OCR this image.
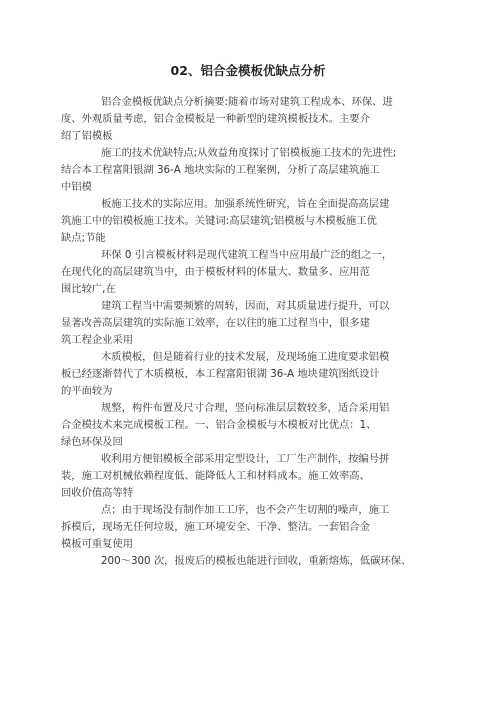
02、铝合金模板优缺点分析
铝合金模板优缺点分析摘要:随着市场对建筑工程成本、环保、进
度、外观质量考虑，铝合金模板是一种新型的建筑模板技术。主要介
绍了铝模板
施工的技术优缺特点;从效益角度探讨了铝模板施工技术的先进性;
结合本工程富阳银湖 36-A 地块实际的工程案例，分析了高层建筑施工
中铝模
板施工技术的实际应用。加强系统性研究，旨在全面提高高层建
筑施工中的铝模板施工技术。关键词:高层建筑;铝模板与木模板施工优
缺点;节能
环保 0 引言模板材料是现代建筑工程当中应用最广泛的组之一，
在现代化的高层建筑当中，由于模板材料的体量大、数量多、应用范
围比较广,在
建筑工程当中需要频繁的周转，因而，对其质量进行提升，可以
显著改善高层建筑的实际施工效率，在以往的施工过程当中，很多建
筑工程企业采用
木质模板，但是随着行业的技术发展，及现场施工进度要求铝模
板已经逐渐替代了木质模板，本工程富阳银湖 36-A 地块建筑图纸设计
的平面较为
规整，构件布置及尺寸合理，竖向标准层层数较多，适合采用铝
合金模技术来完成模板工程。一、铝合金模板与木模板对比优点：1、
绿色环保及回
收利用方便铝模板全部采用定型设计，工厂生产制作，按编号拼
装，施工对机械依赖程度低、能降低人工和材料成本。施工效率高、
回收价值高等特
点；由于现场没有制作加工工序，也不会产生切割的噪声，施工
拆模后，现场无任何垃圾，施工环境安全、干净、整洁。一套铝合金
模板可重复使用
200～300 次，报废后的模板也能进行回收，重新熔炼，低碳环保、
